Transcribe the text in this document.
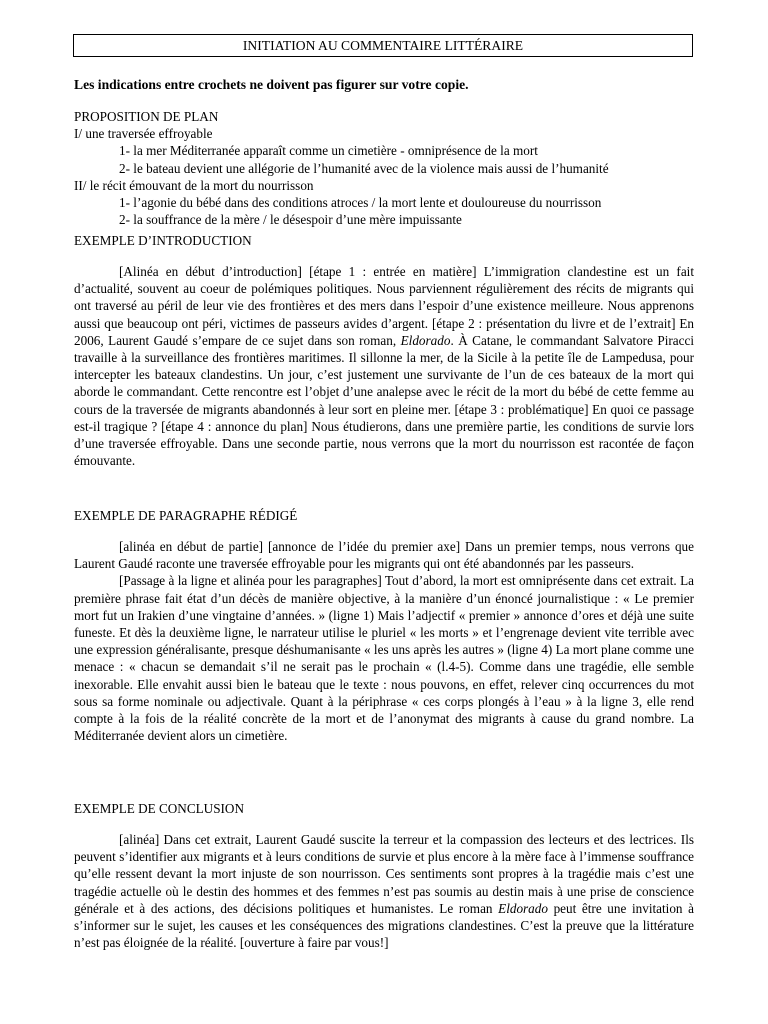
INITIATION AU COMMENTAIRE LITTÉRAIRE

Les indications entre crochets ne doivent pas figurer sur votre copie.

PROPOSITION DE PLAN

I/ une traversée effroyable

1- la mer Méditerranée apparaît comme un cimetière - omniprésence de la mort

2- le bateau devient une allégorie de l’humanité avec de la violence mais aussi de l’humanité

II/ le récit émouvant de la mort du nourrisson

1- l’agonie du bébé dans des conditions atroces / la mort lente et douloureuse du nourrisson

2- la souffrance de la mère / le désespoir d’une mère impuissante

EXEMPLE D’INTRODUCTION

[Alinéa en début d’introduction] [étape 1 : entrée en matière] L’immigration clandestine est un fait d’actualité, souvent au coeur de polémiques politiques. Nous parviennent régulièrement des récits de migrants qui ont traversé au péril de leur vie des frontières et des mers dans l’espoir d’une existence meilleure. Nous apprenons aussi que beaucoup ont péri, victimes de passeurs avides d’argent. [étape 2 : présentation du livre et de l’extrait] En 2006, Laurent Gaudé s’empare de ce sujet dans son roman, Eldorado. À Catane, le commandant Salvatore Piracci travaille à la surveillance des frontières maritimes. Il sillonne la mer, de la Sicile à la petite île de Lampedusa, pour intercepter les bateaux clandestins. Un jour, c’est justement une survivante de l’un de ces bateaux de la mort qui aborde le commandant. Cette rencontre est l’objet d’une analepse avec le récit de la mort du bébé de cette femme au cours de la traversée de migrants abandonnés à leur sort en pleine mer. [étape 3 : problématique] En quoi ce passage est-il tragique ? [étape 4 : annonce du plan] Nous étudierons, dans une première partie, les conditions de survie lors d’une traversée effroyable. Dans une seconde partie, nous verrons que la mort du nourrisson est racontée de façon émouvante.

EXEMPLE DE PARAGRAPHE RÉDIGÉ

[alinéa en début de partie] [annonce de l’idée du premier axe] Dans un premier temps, nous verrons que Laurent Gaudé raconte une traversée effroyable pour les migrants qui ont été abandonnés par les passeurs.

[Passage à la ligne et alinéa pour les paragraphes] Tout d’abord, la mort est omniprésente dans cet extrait. La première phrase fait état d’un décès de manière objective, à la manière d’un énoncé journalistique : « Le premier mort fut un Irakien d’une vingtaine d’années. » (ligne 1) Mais l’adjectif « premier » annonce d’ores et déjà une suite funeste. Et dès la deuxième ligne, le narrateur utilise le pluriel « les morts » et l’engrenage devient vite terrible avec une expression généralisante, presque déshumanisante « les uns après les autres » (ligne 4) La mort plane comme une menace : « chacun se demandait s’il ne serait pas le prochain « (l.4-5). Comme dans une tragédie, elle semble inexorable. Elle envahit aussi bien le bateau que le texte : nous pouvons, en effet, relever cinq occurrences du mot sous sa forme nominale ou adjectivale. Quant à la périphrase « ces corps plongés à l’eau » à la ligne 3, elle rend compte à la fois de la réalité concrète de la mort et de l’anonymat des migrants à cause du grand nombre. La Méditerranée devient alors un cimetière.

EXEMPLE DE CONCLUSION

[alinéa] Dans cet extrait, Laurent Gaudé suscite la terreur et la compassion des lecteurs et des lectrices. Ils peuvent s’identifier aux migrants et à leurs conditions de survie et plus encore à la mère face à l’immense souffrance qu’elle ressent devant la mort injuste de son nourrisson. Ces sentiments sont propres à la tragédie mais c’est une tragédie actuelle où le destin des hommes et des femmes n’est pas soumis au destin mais à une prise de conscience générale et à des actions, des décisions politiques et humanistes. Le roman Eldorado peut être une invitation à s’informer sur le sujet, les causes et les conséquences des migrations clandestines. C’est la preuve que la littérature n’est pas éloignée de la réalité. [ouverture à faire par vous!]
